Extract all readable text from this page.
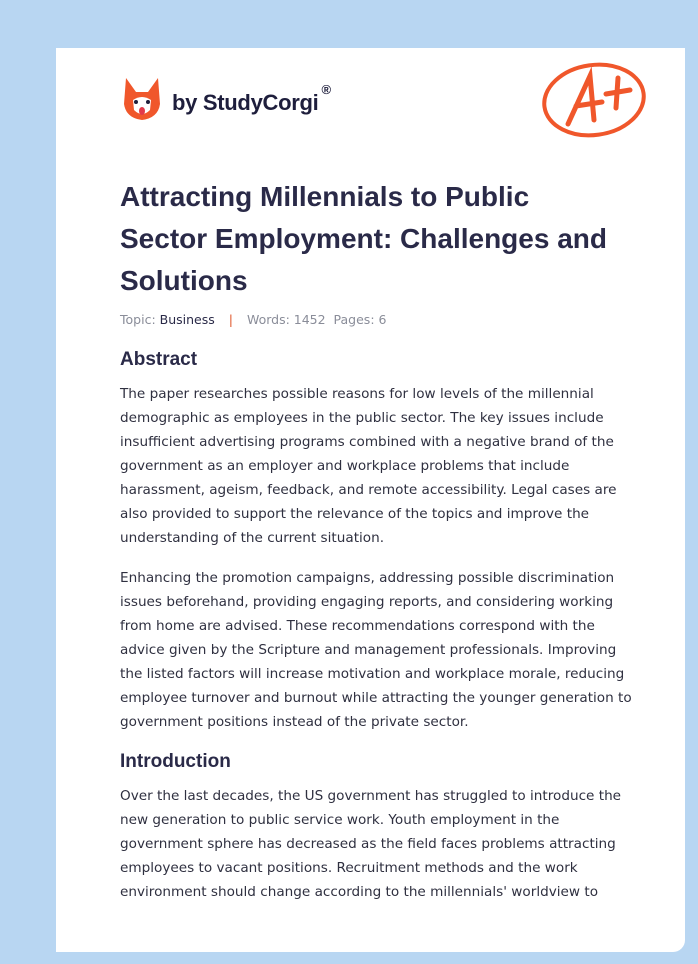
by StudyCorgi®
Attracting Millennials to Public Sector Employment: Challenges and Solutions
Topic: Business | Words: 1452 Pages: 6
Abstract

The paper researches possible reasons for low levels of the millennial demographic as employees in the public sector. The key issues include insufficient advertising programs combined with a negative brand of the government as an employer and workplace problems that include harassment, ageism, feedback, and remote accessibility. Legal cases are also provided to support the relevance of the topics and improve the understanding of the current situation.

Enhancing the promotion campaigns, addressing possible discrimination issues beforehand, providing engaging reports, and considering working from home are advised. These recommendations correspond with the advice given by the Scripture and management professionals. Improving the listed factors will increase motivation and workplace morale, reducing employee turnover and burnout while attracting the younger generation to government positions instead of the private sector.

Introduction

Over the last decades, the US government has struggled to introduce the new generation to public service work. Youth employment in the government sphere has decreased as the field faces problems attracting employees to vacant positions. Recruitment methods and the work environment should change according to the millennials' worldview to
